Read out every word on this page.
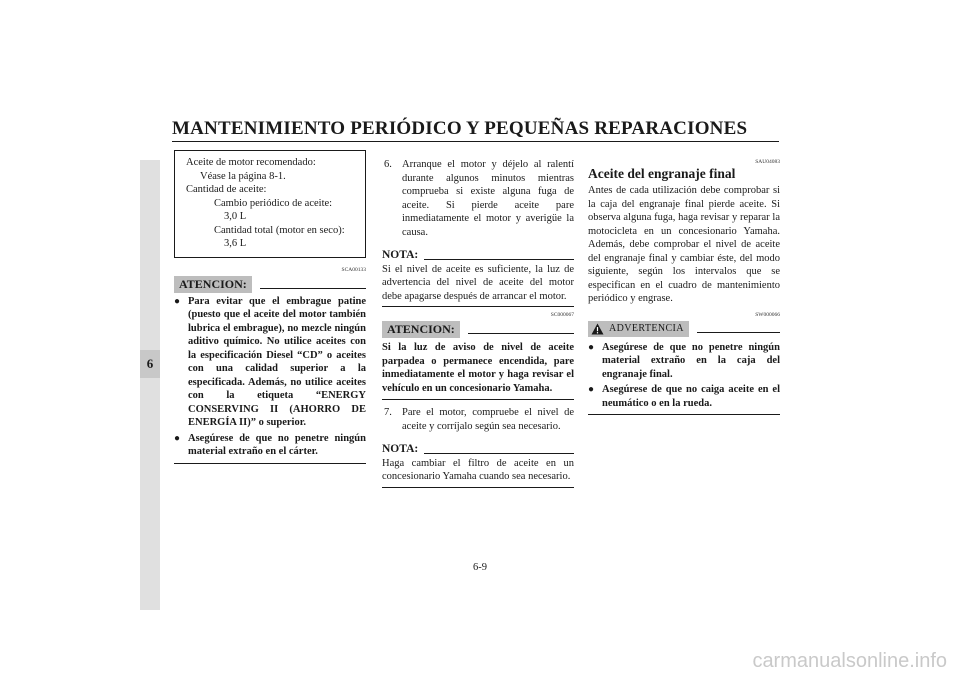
MANTENIMIENTO PERIÓDICO Y PEQUEÑAS REPARACIONES
6
Aceite de motor recomendado:
Véase la página 8-1.
Cantidad de aceite:
Cambio periódico de aceite:
3,0 L
Cantidad total (motor en seco):
3,6 L
SCA00133
ATENCION:
● Para evitar que el embrague patine (puesto que el aceite del motor también lubrica el embrague), no mezcle ningún aditivo químico. No utilice aceites con la especificación Diesel “CD” o aceites con una calidad superior a la especificada. Además, no utilice aceites con la etiqueta “ENERGY CONSERVING II (AHORRO DE ENERGÍA II)” o superior.
● Asegúrese de que no penetre ningún material extraño en el cárter.
6. Arranque el motor y déjelo al ralentí durante algunos minutos mientras comprueba si existe alguna fuga de aceite. Si pierde aceite pare inmediatamente el motor y averigüe la causa.
NOTA:
Si el nivel de aceite es suficiente, la luz de advertencia del nivel de aceite del motor debe apagarse después de arrancar el motor.
SC000067
ATENCION:
Si la luz de aviso de nivel de aceite parpadea o permanece encendida, pare inmediatamente el motor y haga revisar el vehículo en un concesionario Yamaha.
7. Pare el motor, compruebe el nivel de aceite y corríjalo según sea necesario.
NOTA:
Haga cambiar el filtro de aceite en un concesionario Yamaha cuando sea necesario.
SAU04083
Aceite del engranaje final
Antes de cada utilización debe comprobar si la caja del engranaje final pierde aceite. Si observa alguna fuga, haga revisar y reparar la motocicleta en un concesionario Yamaha. Además, debe comprobar el nivel de aceite del engranaje final y cambiar éste, del modo siguiente, según los intervalos que se especifican en el cuadro de mantenimiento periódico y engrase.
SW000066
ADVERTENCIA
● Asegúrese de que no penetre ningún material extraño en la caja del engranaje final.
● Asegúrese de que no caiga aceite en el neumático o en la rueda.
6-9
carmanualsonline.info
